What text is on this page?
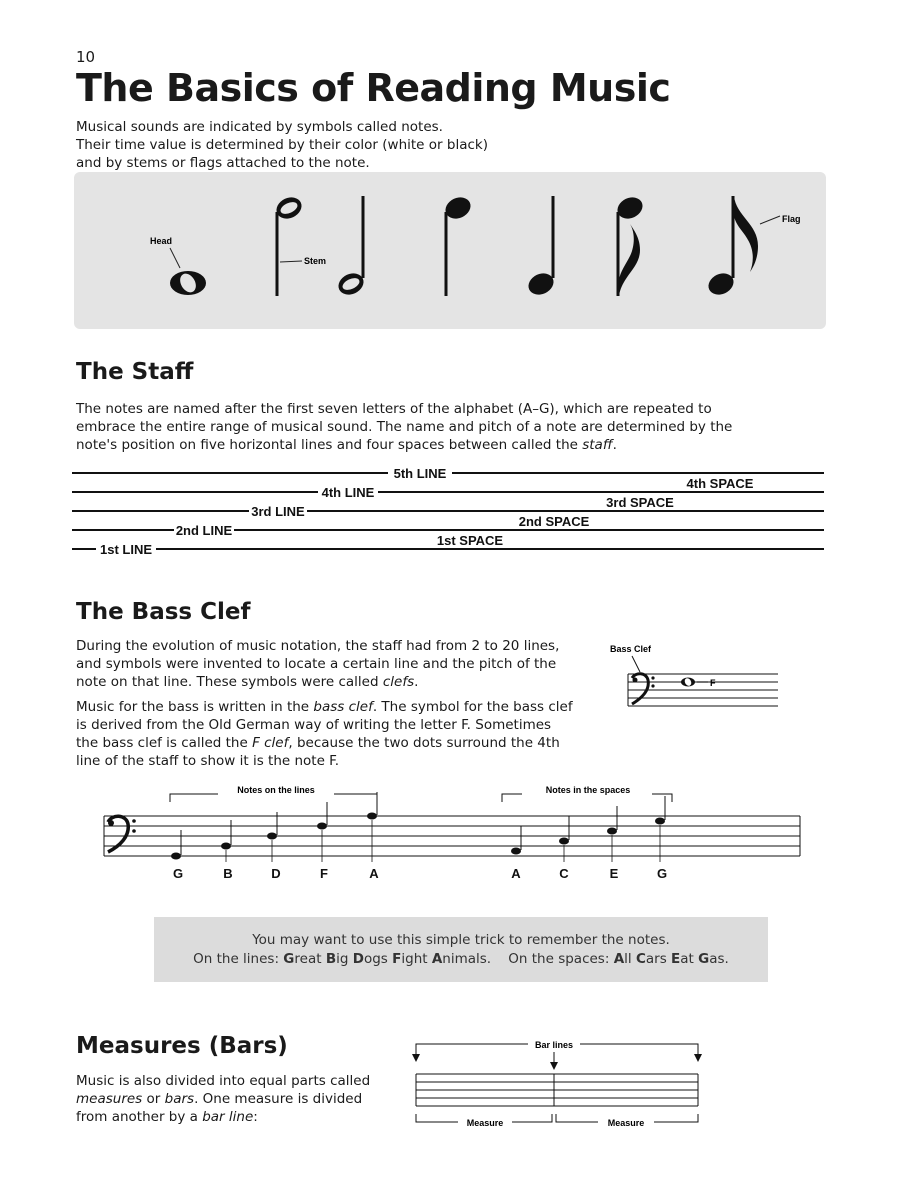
10
The Basics of Reading Music

Musical sounds are indicated by symbols called notes.

Their time value is determined by their color (white or black)

and by stems or flags attached to the note.

Head
Stem
Flag
The Staff

The notes are named after the first seven letters of the alphabet (A–G), which are repeated to embrace the entire range of musical sound. The name and pitch of a note are determined by the note's position on five horizontal lines and four spaces between called the staff.

5th LINE
4th LINE
3rd LINE
2nd LINE
1st LINE
4th SPACE
3rd SPACE
2nd SPACE
1st SPACE
The Bass Clef

During the evolution of music notation, the staff had from 2 to 20 lines, and symbols were invented to locate a certain line and the pitch of the note on that line. These symbols were called clefs.

Music for the bass is written in the bass clef. The symbol for the bass clef is derived from the Old German way of writing the letter F. Sometimes the bass clef is called the F clef, because the two dots surround the 4th line of the staff to show it is the note F.

Bass Clef
F
Notes on the lines	Notes in the spaces
G	B	D	F	A	A	C	E	G

You may want to use this simple trick to remember the notes.

On the lines: Great Big Dogs Fight Animals. On the spaces: All Cars Eat Gas.

Measures (Bars)

Music is also divided into equal parts called measures or bars. One measure is divided from another by a bar line:

Bar lines
Measure	Measure
